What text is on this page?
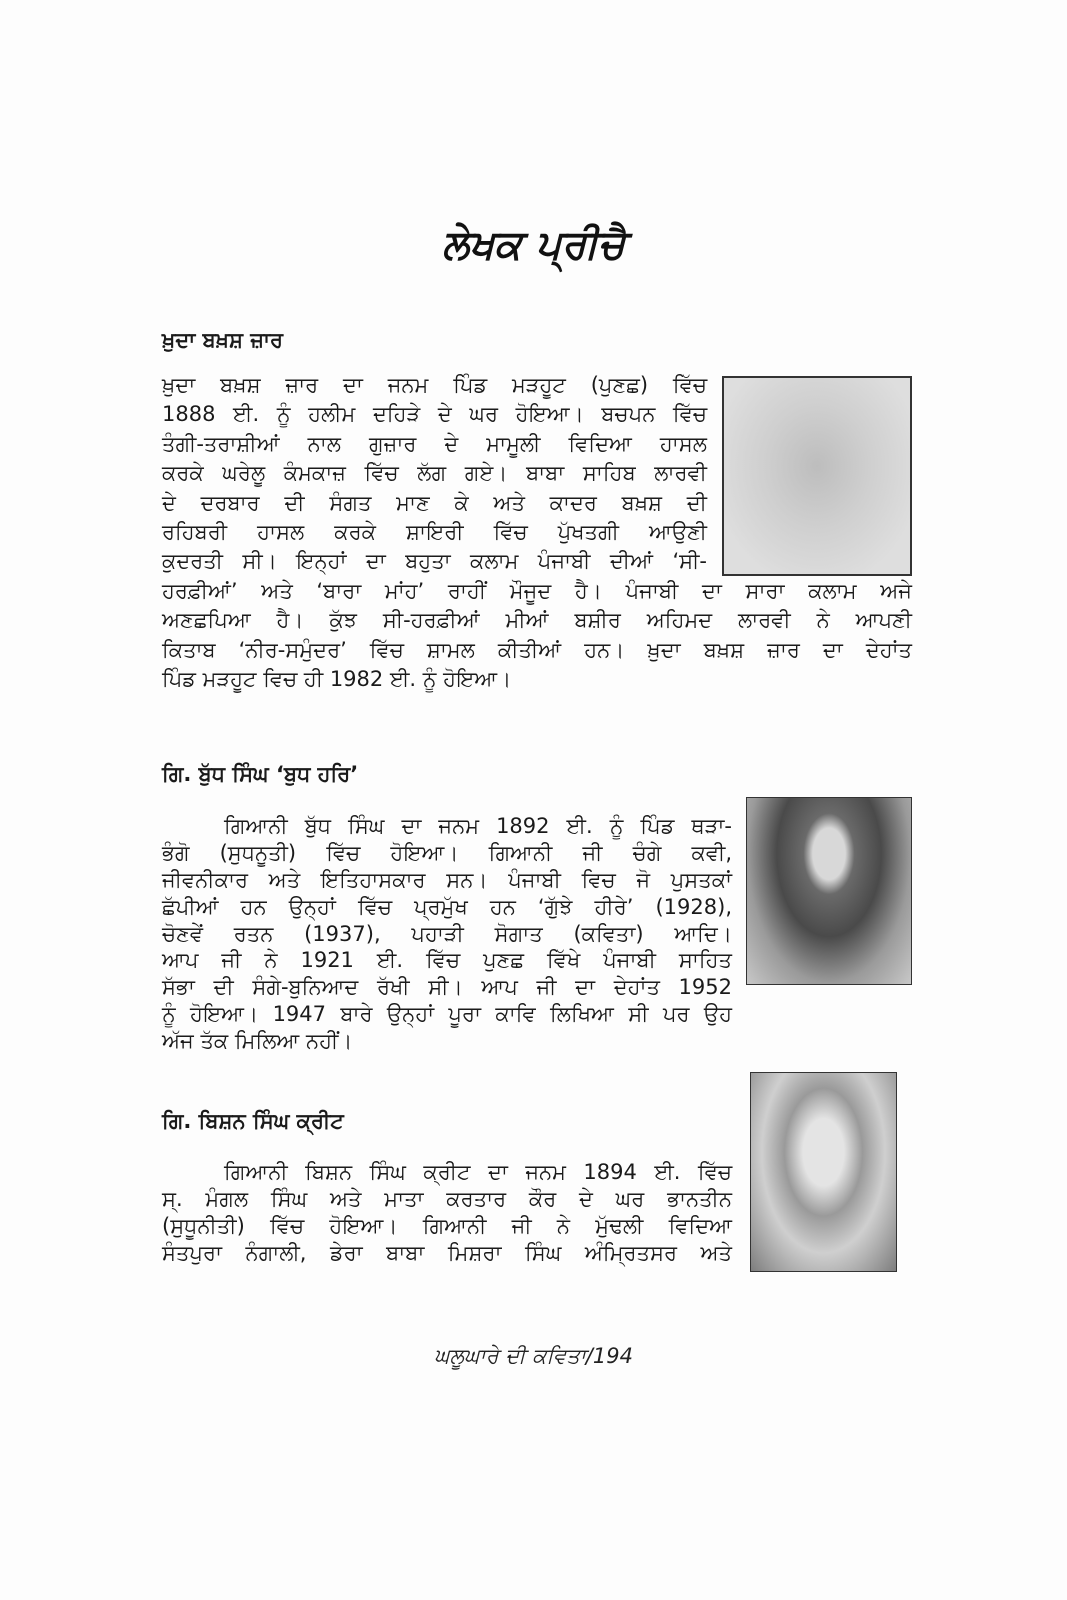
ਲੇਖਕ ਪ੍ਰੀਚੈ
ਖ਼ੁਦਾ ਬਖ਼ਸ਼ ਜ਼ਾਰ
ਗਿ. ਬੁੱਧ ਸਿੰਘ ‘ਬੁਧ ਹਰਿ’
ਗਿ. ਬਿਸ਼ਨ ਸਿੰਘ ਕ੍ਰੀਟ
ਖ਼ੁਦਾ ਬਖ਼ਸ਼ ਜ਼ਾਰ ਦਾ ਜਨਮ ਪਿੰਡ ਮੜਹੂਟ (ਪੁਣਛ) ਵਿੱਚ
1888 ਈ. ਨੂੰ ਹਲੀਮ ਦਹਿੜੇ ਦੇ ਘਰ ਹੋਇਆ। ਬਚਪਨ ਵਿੱਚ
ਤੰਗੀ-ਤਰਾਸ਼ੀਆਂ ਨਾਲ ਗੁਜ਼ਾਰ ਦੇ ਮਾਮੂਲੀ ਵਿਦਿਆ ਹਾਸਲ
ਕਰਕੇ ਘਰੇਲੂ ਕੰਮਕਾਜ਼ ਵਿੱਚ ਲੱਗ ਗਏ। ਬਾਬਾ ਸਾਹਿਬ ਲਾਰਵੀ
ਦੇ ਦਰਬਾਰ ਦੀ ਸੰਗਤ ਮਾਣ ਕੇ ਅਤੇ ਕਾਦਰ ਬਖ਼ਸ਼ ਦੀ
ਰਹਿਬਰੀ ਹਾਸਲ ਕਰਕੇ ਸ਼ਾਇਰੀ ਵਿੱਚ ਪੁੱਖਤਗੀ ਆਉਣੀ
ਕੁਦਰਤੀ ਸੀ। ਇਨ੍ਹਾਂ ਦਾ ਬਹੁਤਾ ਕਲਾਮ ਪੰਜਾਬੀ ਦੀਆਂ ‘ਸੀ-
ਹਰਫ਼ੀਆਂ’ ਅਤੇ ‘ਬਾਰਾ ਮਾਂਹ’ ਰਾਹੀਂ ਮੌਜੂਦ ਹੈ। ਪੰਜਾਬੀ ਦਾ ਸਾਰਾ ਕਲਾਮ ਅਜੇ
ਅਣਛਪਿਆ ਹੈ। ਕੁੱਝ ਸੀ-ਹਰਫ਼ੀਆਂ ਮੀਆਂ ਬਸ਼ੀਰ ਅਹਿਮਦ ਲਾਰਵੀ ਨੇ ਆਪਣੀ
ਕਿਤਾਬ ‘ਨੀਰ-ਸਮੁੰਦਰ’ ਵਿੱਚ ਸ਼ਾਮਲ ਕੀਤੀਆਂ ਹਨ। ਖ਼ੁਦਾ ਬਖ਼ਸ਼ ਜ਼ਾਰ ਦਾ ਦੇਹਾਂਤ
ਪਿੰਡ ਮੜਹੂਟ ਵਿਚ ਹੀ 1982 ਈ. ਨੂੰ ਹੋਇਆ।
ਗਿਆਨੀ ਬੁੱਧ ਸਿੰਘ ਦਾ ਜਨਮ 1892 ਈ. ਨੂੰ ਪਿੰਡ ਥੜਾ-
ਭੰਗੋ (ਸੁਧਨੂਤੀ) ਵਿੱਚ ਹੋਇਆ। ਗਿਆਨੀ ਜੀ ਚੰਗੇ ਕਵੀ,
ਜੀਵਨੀਕਾਰ ਅਤੇ ਇਤਿਹਾਸਕਾਰ ਸਨ। ਪੰਜਾਬੀ ਵਿਚ ਜੋ ਪੁਸਤਕਾਂ
ਛੱਪੀਆਂ ਹਨ ਉਨ੍ਹਾਂ ਵਿੱਚ ਪ੍ਰਮੁੱਖ ਹਨ ‘ਗੁੱਝੇ ਹੀਰੇ’ (1928),
ਚੋਣਵੇਂ ਰਤਨ (1937), ਪਹਾੜੀ ਸੋਗਾਤ (ਕਵਿਤਾ) ਆਦਿ।
ਆਪ ਜੀ ਨੇ 1921 ਈ. ਵਿੱਚ ਪੁਣਛ ਵਿੱਖੇ ਪੰਜਾਬੀ ਸਾਹਿਤ
ਸੱਭਾ ਦੀ ਸੰਗੇ-ਬੁਨਿਆਦ ਰੱਖੀ ਸੀ। ਆਪ ਜੀ ਦਾ ਦੇਹਾਂਤ 1952
ਨੂੰ ਹੋਇਆ। 1947 ਬਾਰੇ ਉਨ੍ਹਾਂ ਪੂਰਾ ਕਾਵਿ ਲਿਖਿਆ ਸੀ ਪਰ ਉਹ
ਅੱਜ ਤੱਕ ਮਿਲਿਆ ਨਹੀਂ।
ਗਿਆਨੀ ਬਿਸ਼ਨ ਸਿੰਘ ਕ੍ਰੀਟ ਦਾ ਜਨਮ 1894 ਈ. ਵਿੱਚ
ਸ੍. ਮੰਗਲ ਸਿੰਘ ਅਤੇ ਮਾਤਾ ਕਰਤਾਰ ਕੌਰ ਦੇ ਘਰ ਭਾਨਤੀਨ
(ਸੁਧੂਨੀਤੀ) ਵਿੱਚ ਹੋਇਆ। ਗਿਆਨੀ ਜੀ ਨੇ ਮੁੱਢਲੀ ਵਿਦਿਆ
ਸੰਤਪੁਰਾ ਨੰਗਾਲੀ, ਡੇਰਾ ਬਾਬਾ ਮਿਸ਼ਰਾ ਸਿੰਘ ਅੰਮ੍ਰਿਤਸਰ ਅਤੇ
ਘਲੂਘਾਰੇ ਦੀ ਕਵਿਤਾ/194
